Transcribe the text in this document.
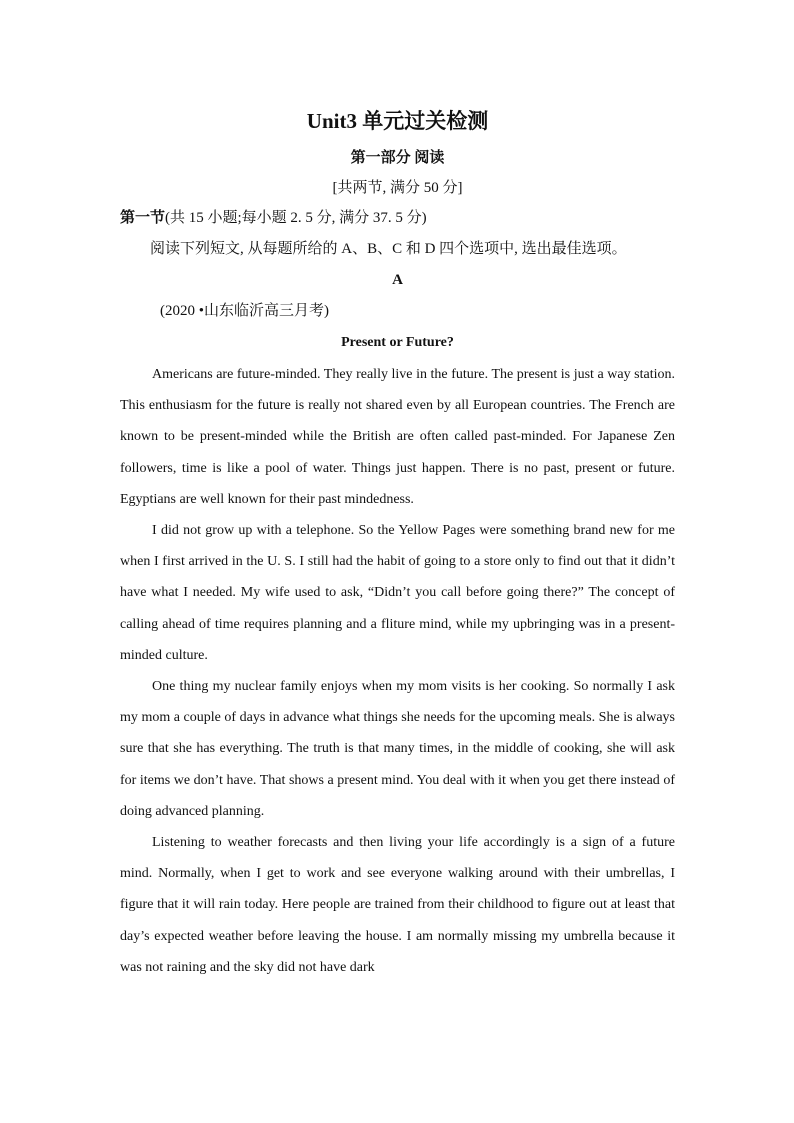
Unit3 单元过关检测
第一部分 阅读
[共两节, 满分 50 分]
第一节(共 15 小题;每小题 2. 5 分, 满分 37. 5 分)
阅读下列短文, 从每题所给的 A、B、C 和 D 四个选项中, 选出最佳选项。
A
(2020 •山东临沂高三月考)
Present or Future?

Americans are future-minded. They really live in the future. The present is just a way station. This enthusiasm for the future is really not shared even by all European countries. The French are known to be present-minded while the British are often called past-minded. For Japanese Zen followers, time is like a pool of water. Things just happen. There is no past, present or future. Egyptians are well known for their past mindedness.

I did not grow up with a telephone. So the Yellow Pages were something brand new for me when I first arrived in the U. S. I still had the habit of going to a store only to find out that it didn’t have what I needed. My wife used to ask, “Didn’t you call before going there?” The concept of calling ahead of time requires planning and a fliture mind, while my upbringing was in a present-minded culture.

One thing my nuclear family enjoys when my mom visits is her cooking. So normally I ask my mom a couple of days in advance what things she needs for the upcoming meals. She is always sure that she has everything. The truth is that many times, in the middle of cooking, she will ask for items we don’t have. That shows a present mind. You deal with it when you get there instead of doing advanced planning.

Listening to weather forecasts and then living your life accordingly is a sign of a future mind. Normally, when I get to work and see everyone walking around with their umbrellas, I figure that it will rain today. Here people are trained from their childhood to figure out at least that day’s expected weather before leaving the house. I am normally missing my umbrella because it was not raining and the sky did not have dark
